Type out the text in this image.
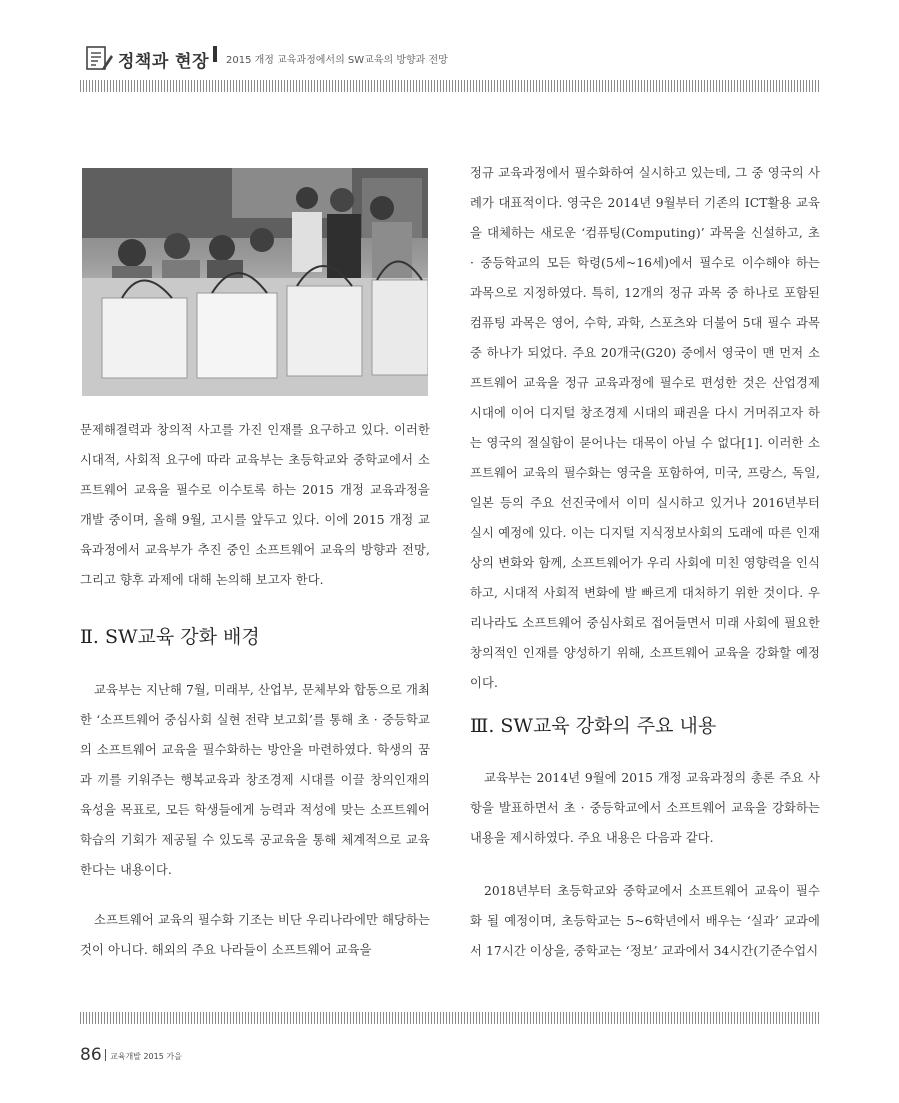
정책과 현장 2015 개정 교육과정에서의 SW교육의 방향과 전망

문제해결력과 창의적 사고를 가진 인재를 요구하고 있다. 이러한 시대적, 사회적 요구에 따라 교육부는 초등학교와 중학교에서 소프트웨어 교육을 필수로 이수토록 하는 2015 개정 교육과정을 개발 중이며, 올해 9월, 고시를 앞두고 있다. 이에 2015 개정 교육과정에서 교육부가 추진 중인 소프트웨어 교육의 방향과 전망, 그리고 향후 과제에 대해 논의해 보고자 한다.

Ⅱ. SW교육 강화 배경

교육부는 지난해 7월, 미래부, 산업부, 문체부와 합동으로 개최한 ‘소프트웨어 중심사회 실현 전략 보고회’를 통해 초 · 중등학교의 소프트웨어 교육을 필수화하는 방안을 마련하였다. 학생의 꿈과 끼를 키워주는 행복교육과 창조경제 시대를 이끌 창의인재의 육성을 목표로, 모든 학생들에게 능력과 적성에 맞는 소프트웨어 학습의 기회가 제공될 수 있도록 공교육을 통해 체계적으로 교육한다는 내용이다.

소프트웨어 교육의 필수화 기조는 비단 우리나라에만 해당하는 것이 아니다. 해외의 주요 나라들이 소프트웨어 교육을

정규 교육과정에서 필수화하여 실시하고 있는데, 그 중 영국의 사례가 대표적이다. 영국은 2014년 9월부터 기존의 ICT활용 교육을 대체하는 새로운 ‘컴퓨팅(Computing)’ 과목을 신설하고, 초 · 중등학교의 모든 학령(5세~16세)에서 필수로 이수해야 하는 과목으로 지정하였다. 특히, 12개의 정규 과목 중 하나로 포함된 컴퓨팅 과목은 영어, 수학, 과학, 스포츠와 더불어 5대 필수 과목 중 하나가 되었다. 주요 20개국(G20) 중에서 영국이 맨 먼저 소프트웨어 교육을 정규 교육과정에 필수로 편성한 것은 산업경제 시대에 이어 디지털 창조경제 시대의 패권을 다시 거머쥐고자 하는 영국의 절실함이 묻어나는 대목이 아닐 수 없다[1]. 이러한 소프트웨어 교육의 필수화는 영국을 포함하여, 미국, 프랑스, 독일, 일본 등의 주요 선진국에서 이미 실시하고 있거나 2016년부터 실시 예정에 있다. 이는 디지털 지식정보사회의 도래에 따른 인재상의 변화와 함께, 소프트웨어가 우리 사회에 미친 영향력을 인식하고, 시대적 사회적 변화에 발 빠르게 대처하기 위한 것이다. 우리나라도 소프트웨어 중심사회로 접어들면서 미래 사회에 필요한 창의적인 인재를 양성하기 위해, 소프트웨어 교육을 강화할 예정이다.

Ⅲ. SW교육 강화의 주요 내용

교육부는 2014년 9월에 2015 개정 교육과정의 총론 주요 사항을 발표하면서 초 · 중등학교에서 소프트웨어 교육을 강화하는 내용을 제시하였다. 주요 내용은 다음과 같다.

2018년부터 초등학교와 중학교에서 소프트웨어 교육이 필수화 될 예정이며, 초등학교는 5~6학년에서 배우는 ‘실과’ 교과에서 17시간 이상을, 중학교는 ‘정보’ 교과에서 34시간(기준수업시

86 교육개발 2015 가을
